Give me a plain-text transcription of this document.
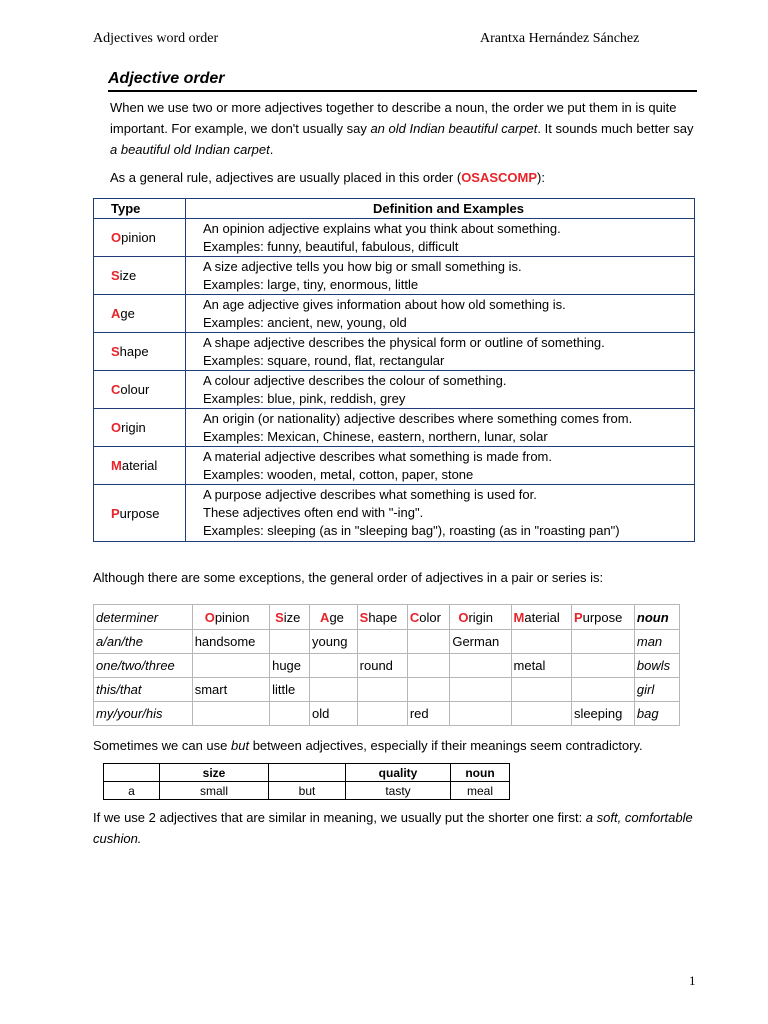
Adjectives word order	Arantxa Hernández Sánchez
Adjective order
When we use two or more adjectives together to describe a noun, the order we put them in is quite important. For example, we don't usually say an old Indian beautiful carpet. It sounds much better say a beautiful old Indian carpet.
As a general rule, adjectives are usually placed in this order (OSASCOMP):
Type	Definition and Examples
Opinion	An opinion adjective explains what you think about something.
Examples: funny, beautiful, fabulous, difficult

Size	A size adjective tells you how big or small something is.
Examples: large, tiny, enormous, little

Age	An age adjective gives information about how old something is.
Examples: ancient, new, young, old

Shape	A shape adjective describes the physical form or outline of something.
Examples: square, round, flat, rectangular

Colour	A colour adjective describes the colour of something.
Examples: blue, pink, reddish, grey

Origin	An origin (or nationality) adjective describes where something comes from.
Examples: Mexican, Chinese, eastern, northern, lunar, solar

Material	A material adjective describes what something is made from.
Examples: wooden, metal, cotton, paper, stone

Purpose	A purpose adjective describes what something is used for.
These adjectives often end with "-ing".
Examples: sleeping (as in "sleeping bag"), roasting (as in "roasting pan")
Although there are some exceptions, the general order of adjectives in a pair or series is:
determiner	Opinion	Size	Age	Shape	Color	Origin	Material	Purpose	noun
a/an/the	handsome		young			German			man
one/two/three		huge		round			metal		bowls
this/that	smart	little							girl
my/your/his			old		red			sleeping	bag
Sometimes we can use but between adjectives, especially if their meanings seem contradictory.
	size		quality	noun
a	small	but	tasty	meal
If we use 2 adjectives that are similar in meaning, we usually put the shorter one first: a soft, comfortable cushion.
1
